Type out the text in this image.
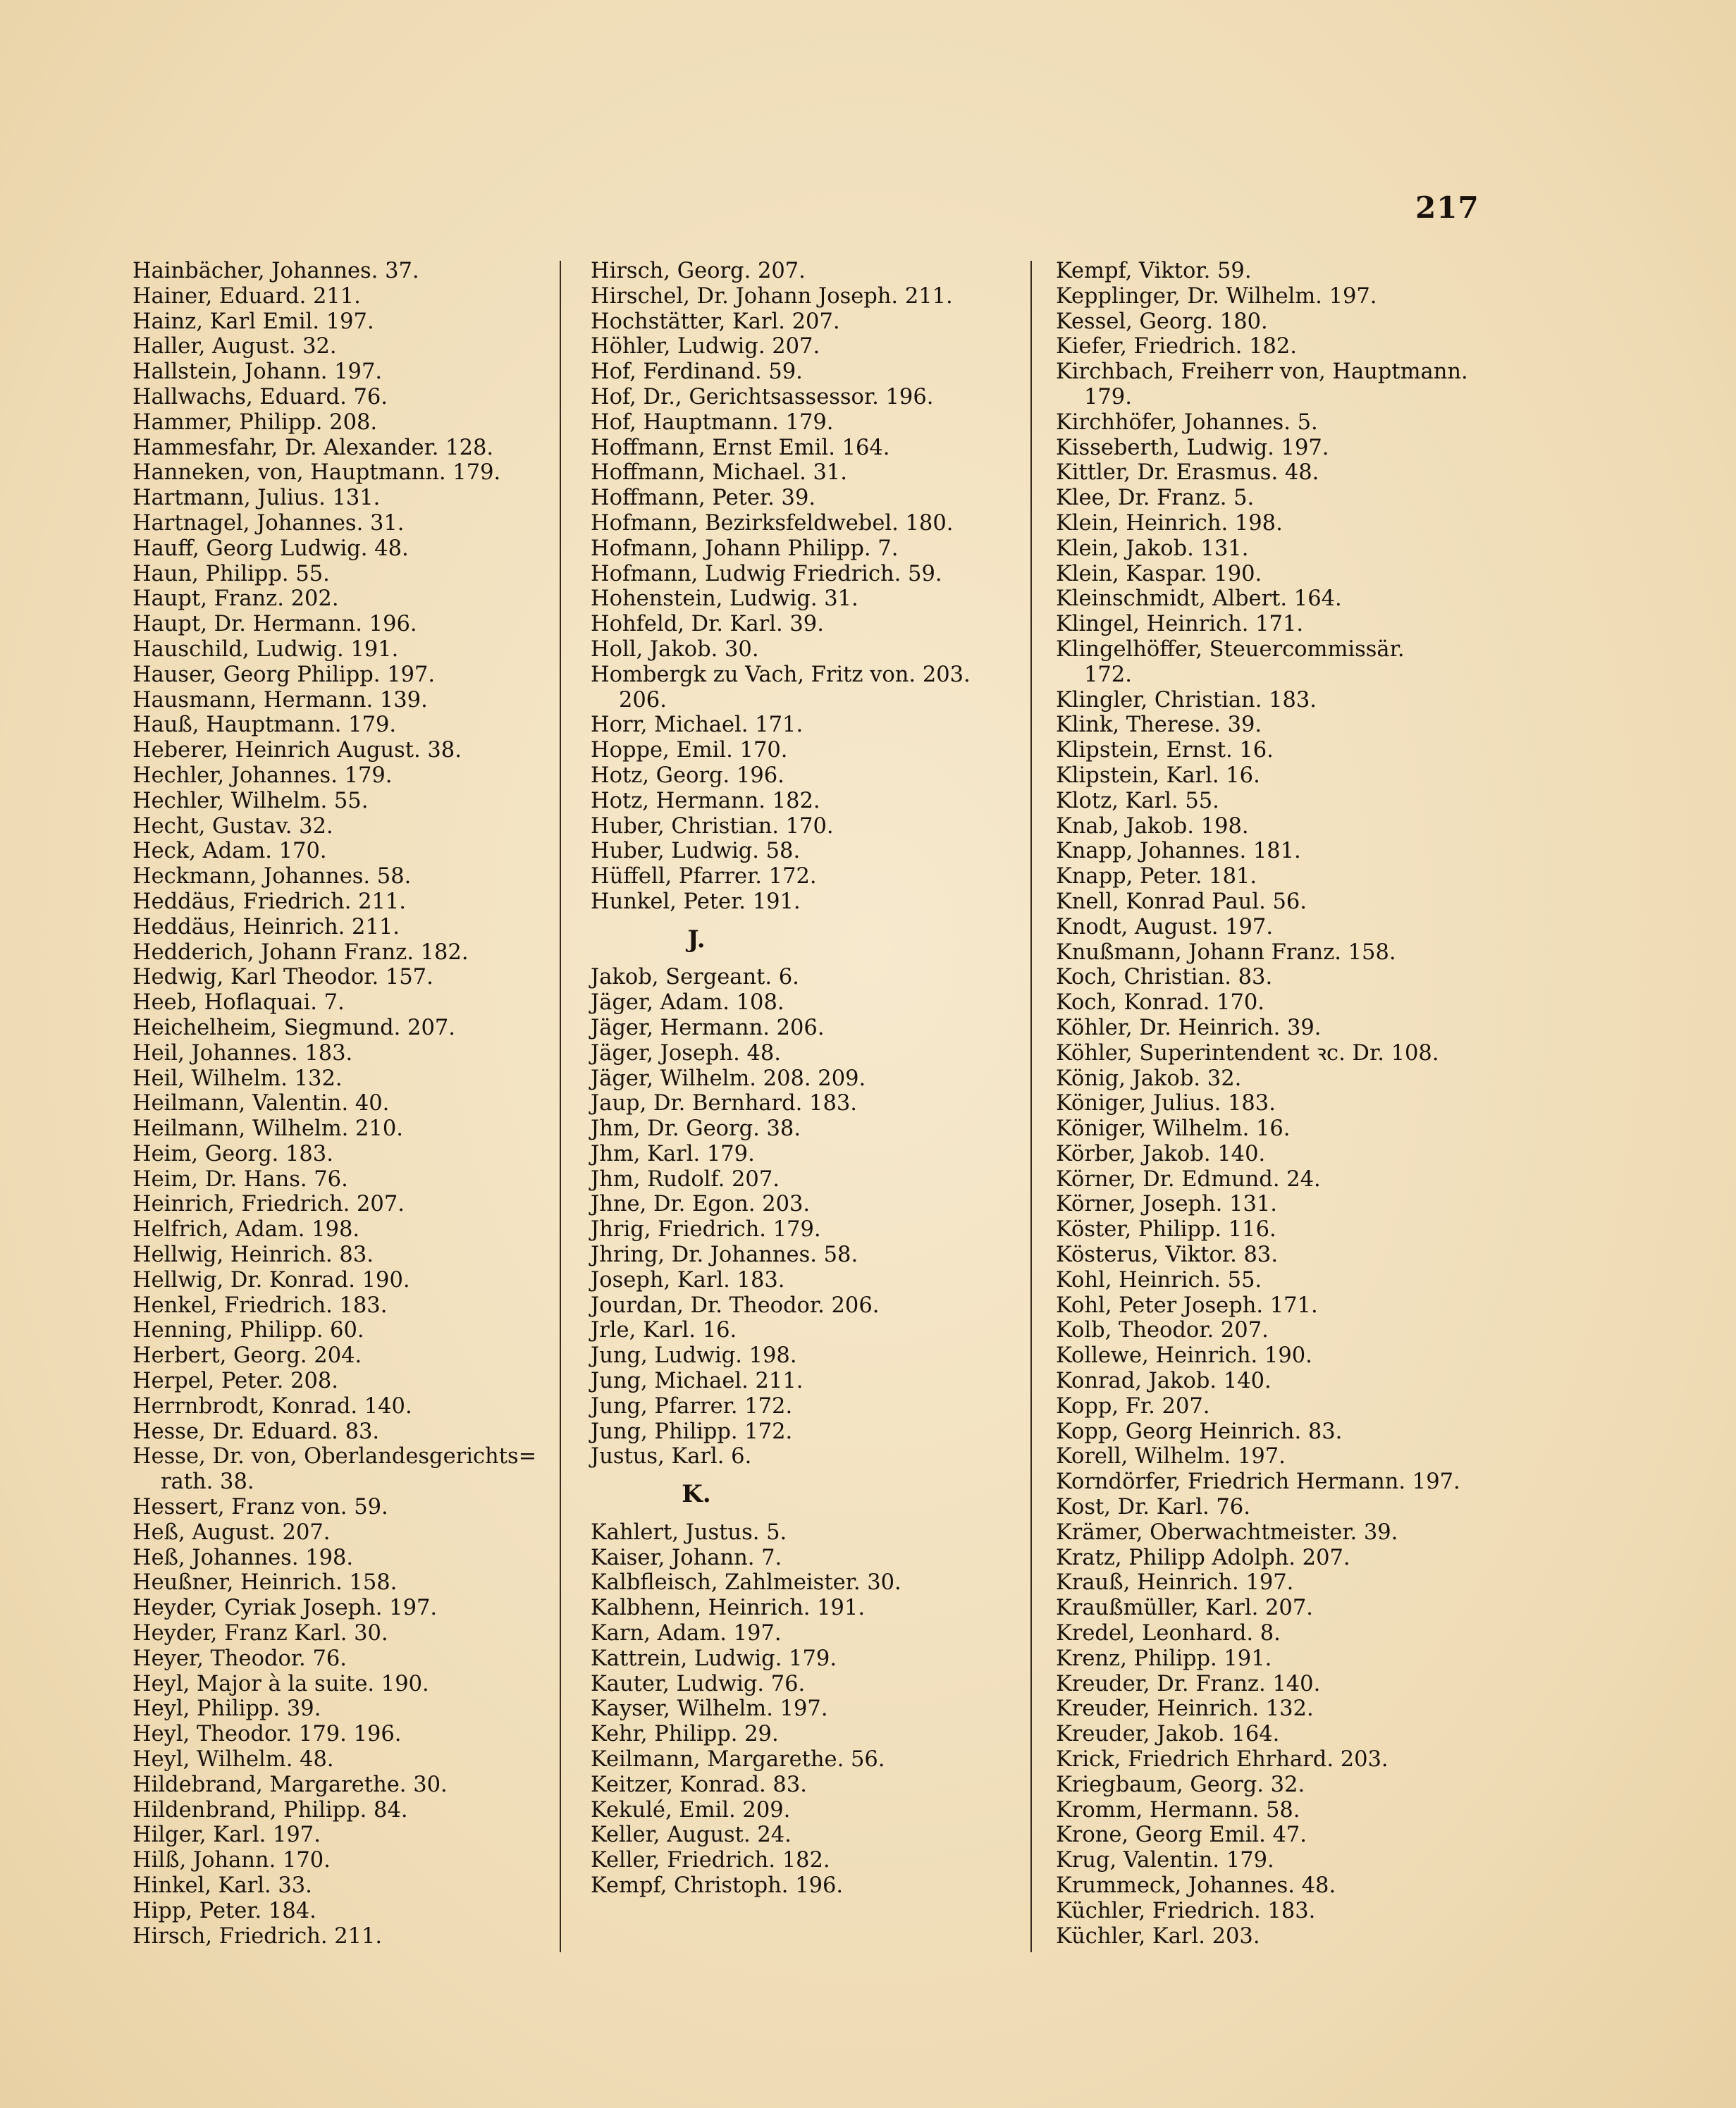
217
Hainbächer, Johannes. 37.
Hainer, Eduard. 211.
Hainz, Karl Emil. 197.
Haller, August. 32.
Hallstein, Johann. 197.
Hallwachs, Eduard. 76.
Hammer, Philipp. 208.
Hammesfahr, Dr. Alexander. 128.
Hanneken, von, Hauptmann. 179.
Hartmann, Julius. 131.
Hartnagel, Johannes. 31.
Hauff, Georg Ludwig. 48.
Haun, Philipp. 55.
Haupt, Franz. 202.
Haupt, Dr. Hermann. 196.
Hauschild, Ludwig. 191.
Hauser, Georg Philipp. 197.
Hausmann, Hermann. 139.
Hauß, Hauptmann. 179.
Heberer, Heinrich August. 38.
Hechler, Johannes. 179.
Hechler, Wilhelm. 55.
Hecht, Gustav. 32.
Heck, Adam. 170.
Heckmann, Johannes. 58.
Heddäus, Friedrich. 211.
Heddäus, Heinrich. 211.
Hedderich, Johann Franz. 182.
Hedwig, Karl Theodor. 157.
Heeb, Hoflaquai. 7.
Heichelheim, Siegmund. 207.
Heil, Johannes. 183.
Heil, Wilhelm. 132.
Heilmann, Valentin. 40.
Heilmann, Wilhelm. 210.
Heim, Georg. 183.
Heim, Dr. Hans. 76.
Heinrich, Friedrich. 207.
Helfrich, Adam. 198.
Hellwig, Heinrich. 83.
Hellwig, Dr. Konrad. 190.
Henkel, Friedrich. 183.
Henning, Philipp. 60.
Herbert, Georg. 204.
Herpel, Peter. 208.
Herrnbrodt, Konrad. 140.
Hesse, Dr. Eduard. 83.
Hesse, Dr. von, Oberlandesgerichts=
rath. 38.
Hessert, Franz von. 59.
Heß, August. 207.
Heß, Johannes. 198.
Heußner, Heinrich. 158.
Heyder, Cyriak Joseph. 197.
Heyder, Franz Karl. 30.
Heyer, Theodor. 76.
Heyl, Major à la suite. 190.
Heyl, Philipp. 39.
Heyl, Theodor. 179. 196.
Heyl, Wilhelm. 48.
Hildebrand, Margarethe. 30.
Hildenbrand, Philipp. 84.
Hilger, Karl. 197.
Hilß, Johann. 170.
Hinkel, Karl. 33.
Hipp, Peter. 184.
Hirsch, Friedrich. 211.
Hirsch, Georg. 207.
Hirschel, Dr. Johann Joseph. 211.
Hochstätter, Karl. 207.
Höhler, Ludwig. 207.
Hof, Ferdinand. 59.
Hof, Dr., Gerichtsassessor. 196.
Hof, Hauptmann. 179.
Hoffmann, Ernst Emil. 164.
Hoffmann, Michael. 31.
Hoffmann, Peter. 39.
Hofmann, Bezirksfeldwebel. 180.
Hofmann, Johann Philipp. 7.
Hofmann, Ludwig Friedrich. 59.
Hohenstein, Ludwig. 31.
Hohfeld, Dr. Karl. 39.
Holl, Jakob. 30.
Hombergk zu Vach, Fritz von. 203.
206.
Horr, Michael. 171.
Hoppe, Emil. 170.
Hotz, Georg. 196.
Hotz, Hermann. 182.
Huber, Christian. 170.
Huber, Ludwig. 58.
Hüffell, Pfarrer. 172.
Hunkel, Peter. 191.
J.
Jakob, Sergeant. 6.
Jäger, Adam. 108.
Jäger, Hermann. 206.
Jäger, Joseph. 48.
Jäger, Wilhelm. 208. 209.
Jaup, Dr. Bernhard. 183.
Jhm, Dr. Georg. 38.
Jhm, Karl. 179.
Jhm, Rudolf. 207.
Jhne, Dr. Egon. 203.
Jhrig, Friedrich. 179.
Jhring, Dr. Johannes. 58.
Joseph, Karl. 183.
Jourdan, Dr. Theodor. 206.
Jrle, Karl. 16.
Jung, Ludwig. 198.
Jung, Michael. 211.
Jung, Pfarrer. 172.
Jung, Philipp. 172.
Justus, Karl. 6.
K.
Kahlert, Justus. 5.
Kaiser, Johann. 7.
Kalbfleisch, Zahlmeister. 30.
Kalbhenn, Heinrich. 191.
Karn, Adam. 197.
Kattrein, Ludwig. 179.
Kauter, Ludwig. 76.
Kayser, Wilhelm. 197.
Kehr, Philipp. 29.
Keilmann, Margarethe. 56.
Keitzer, Konrad. 83.
Kekulé, Emil. 209.
Keller, August. 24.
Keller, Friedrich. 182.
Kempf, Christoph. 196.
Kempf, Viktor. 59.
Kepplinger, Dr. Wilhelm. 197.
Kessel, Georg. 180.
Kiefer, Friedrich. 182.
Kirchbach, Freiherr von, Hauptmann.
179.
Kirchhöfer, Johannes. 5.
Kisseberth, Ludwig. 197.
Kittler, Dr. Erasmus. 48.
Klee, Dr. Franz. 5.
Klein, Heinrich. 198.
Klein, Jakob. 131.
Klein, Kaspar. 190.
Kleinschmidt, Albert. 164.
Klingel, Heinrich. 171.
Klingelhöffer, Steuercommissär.
172.
Klingler, Christian. 183.
Klink, Therese. 39.
Klipstein, Ernst. 16.
Klipstein, Karl. 16.
Klotz, Karl. 55.
Knab, Jakob. 198.
Knapp, Johannes. 181.
Knapp, Peter. 181.
Knell, Konrad Paul. 56.
Knodt, August. 197.
Knußmann, Johann Franz. 158.
Koch, Christian. 83.
Koch, Konrad. 170.
Köhler, Dr. Heinrich. 39.
Köhler, Superintendent ꝛc. Dr. 108.
König, Jakob. 32.
Königer, Julius. 183.
Königer, Wilhelm. 16.
Körber, Jakob. 140.
Körner, Dr. Edmund. 24.
Körner, Joseph. 131.
Köster, Philipp. 116.
Kösterus, Viktor. 83.
Kohl, Heinrich. 55.
Kohl, Peter Joseph. 171.
Kolb, Theodor. 207.
Kollewe, Heinrich. 190.
Konrad, Jakob. 140.
Kopp, Fr. 207.
Kopp, Georg Heinrich. 83.
Korell, Wilhelm. 197.
Korndörfer, Friedrich Hermann. 197.
Kost, Dr. Karl. 76.
Krämer, Oberwachtmeister. 39.
Kratz, Philipp Adolph. 207.
Krauß, Heinrich. 197.
Kraußmüller, Karl. 207.
Kredel, Leonhard. 8.
Krenz, Philipp. 191.
Kreuder, Dr. Franz. 140.
Kreuder, Heinrich. 132.
Kreuder, Jakob. 164.
Krick, Friedrich Ehrhard. 203.
Kriegbaum, Georg. 32.
Kromm, Hermann. 58.
Krone, Georg Emil. 47.
Krug, Valentin. 179.
Krummeck, Johannes. 48.
Küchler, Friedrich. 183.
Küchler, Karl. 203.
